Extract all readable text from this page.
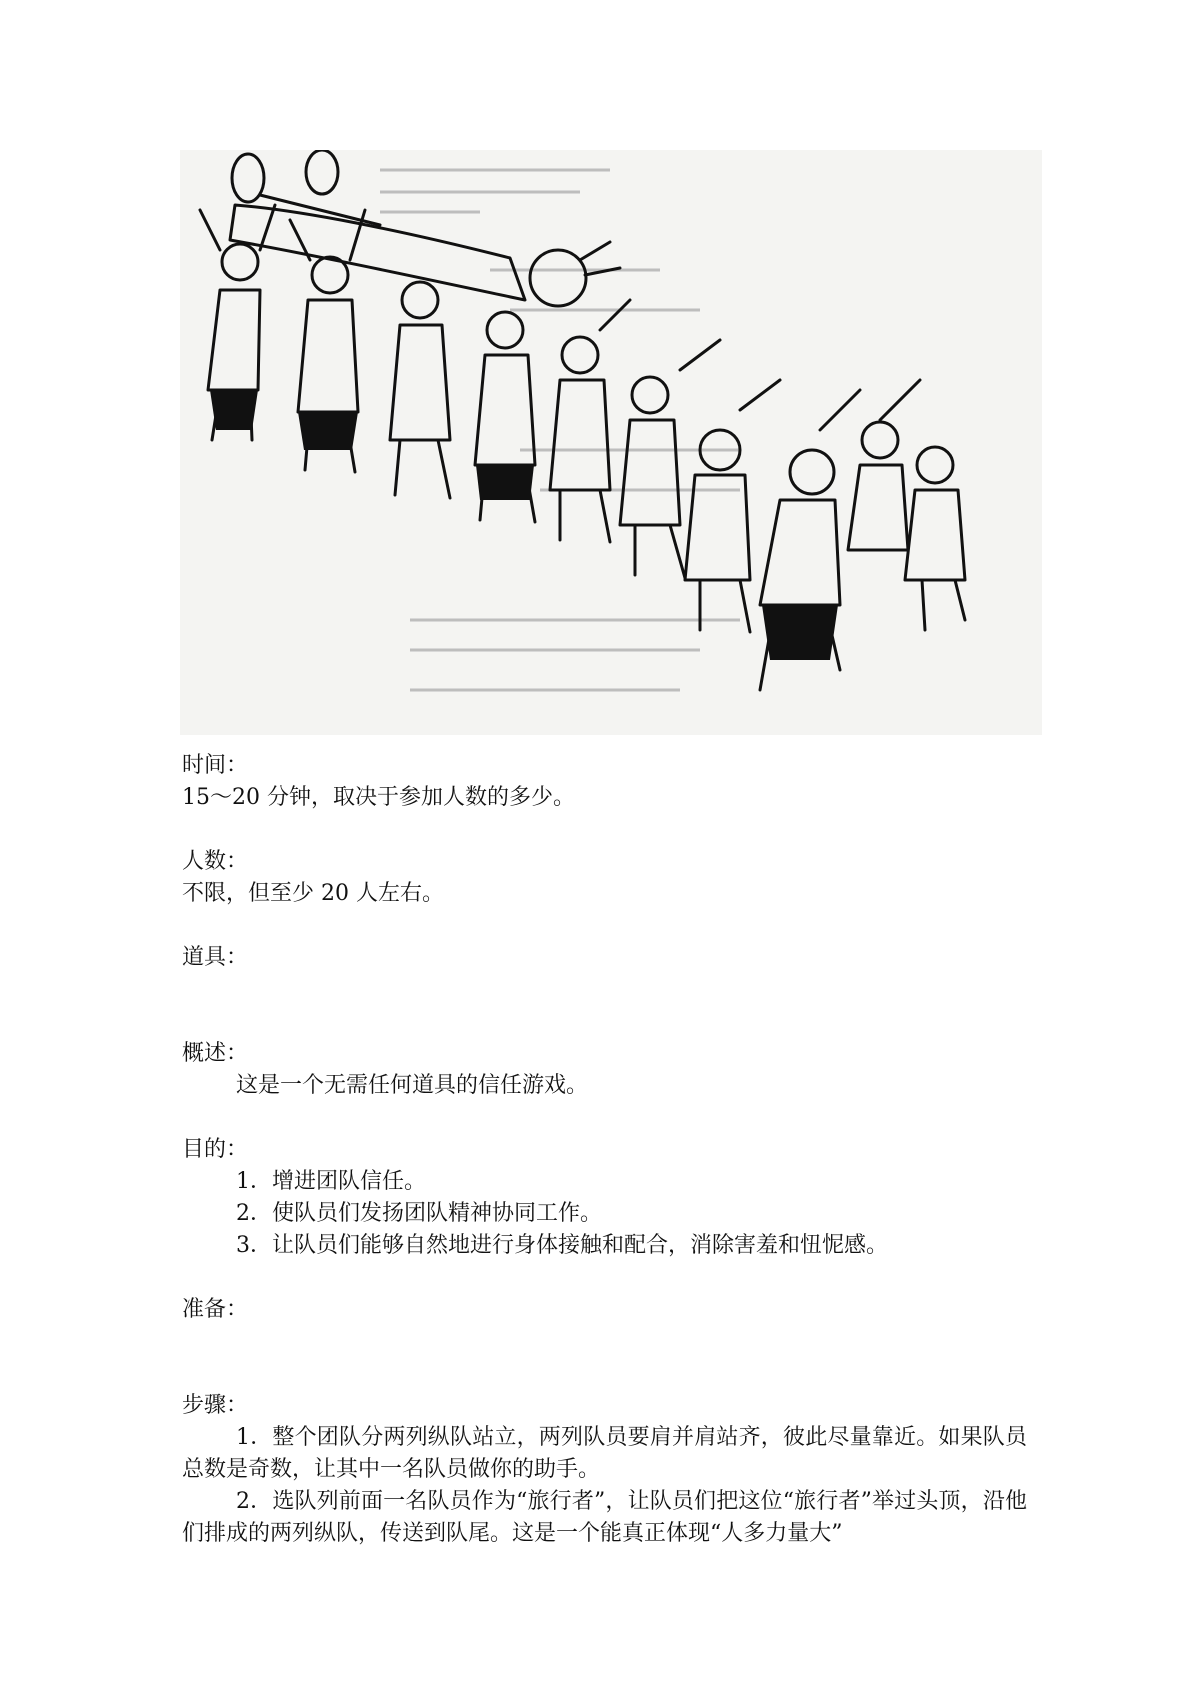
时间：

15～20 分钟，取决于参加人数的多少。

人数：

不限，但至少 20 人左右。

道具：

概述：

这是一个无需任何道具的信任游戏。

目的：

1．增进团队信任。

2．使队员们发扬团队精神协同工作。

3．让队员们能够自然地进行身体接触和配合，消除害羞和忸怩感。

准备：

步骤：

1．整个团队分两列纵队站立，两列队员要肩并肩站齐，彼此尽量靠近。如果队员总数是奇数，让其中一名队员做你的助手。

2．选队列前面一名队员作为“旅行者”，让队员们把这位“旅行者”举过头顶，沿他们排成的两列纵队，传送到队尾。这是一个能真正体现“人多力量大”
